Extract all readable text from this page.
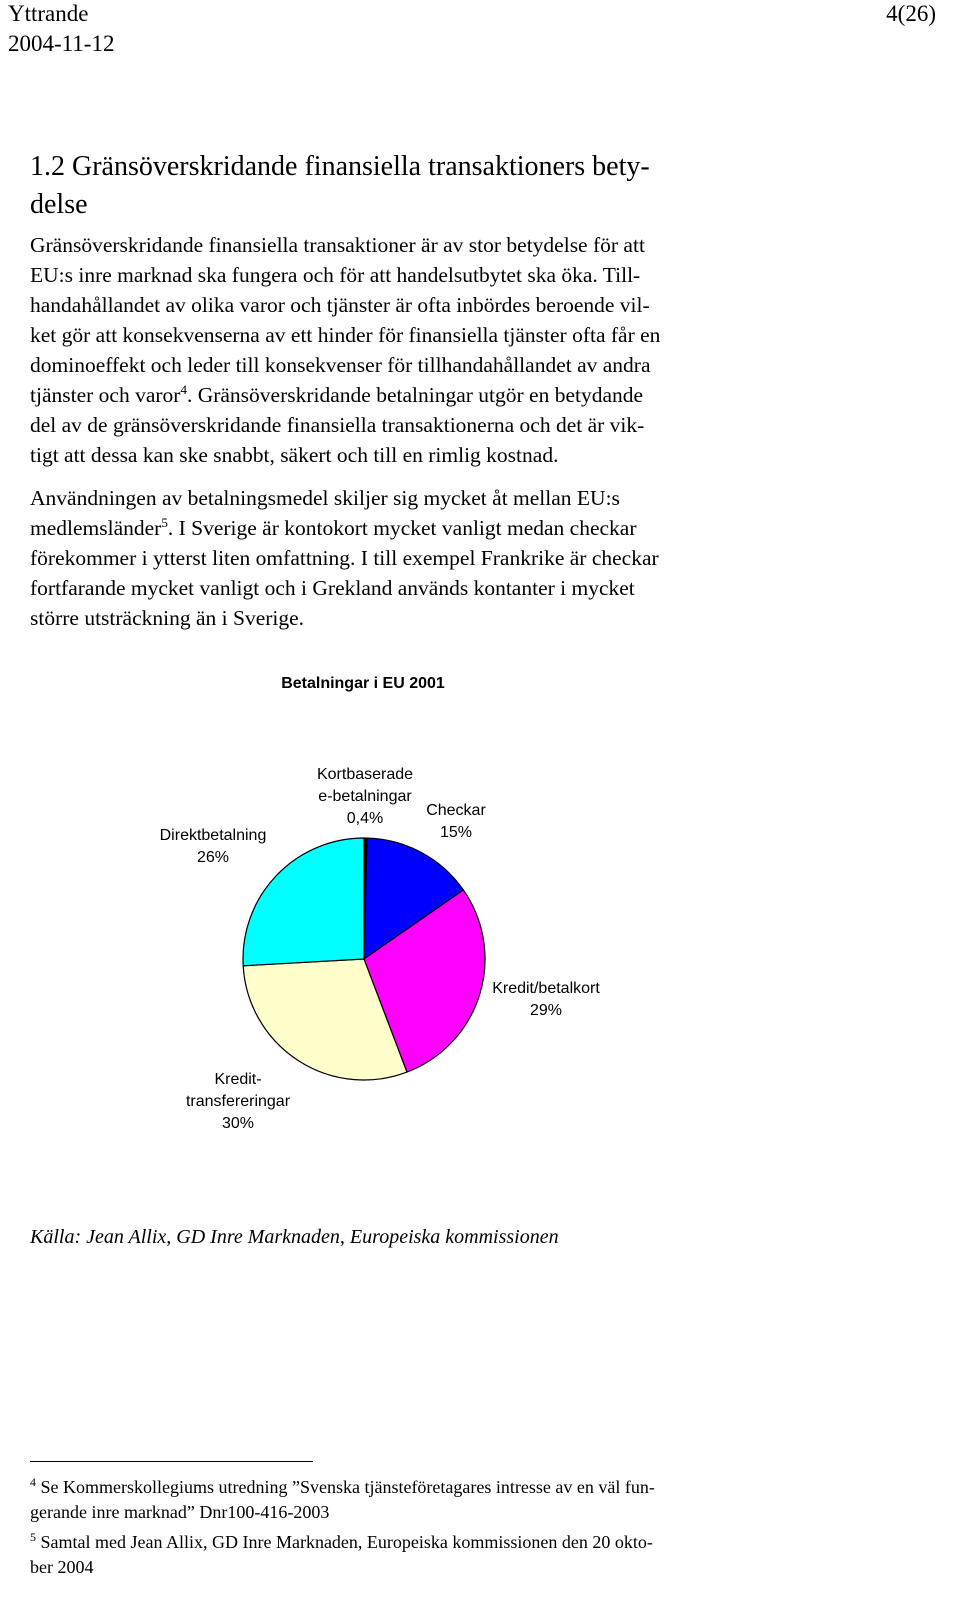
Yttrande
2004-11-12
4(26)
1.2 Gränsöverskridande finansiella transaktioners bety-
delse
Gränsöverskridande finansiella transaktioner är av stor betydelse för att
EU:s inre marknad ska fungera och för att handelsutbytet ska öka. Till-
handahållandet av olika varor och tjänster är ofta inbördes beroende vil-
ket gör att konsekvenserna av ett hinder för finansiella tjänster ofta får en
dominoeffekt och leder till konsekvenser för tillhandahållandet av andra
tjänster och varor$^4$. Gränsöverskridande betalningar utgör en betydande
del av de gränsöverskridande finansiella transaktionerna och det är vik-
tigt att dessa kan ske snabbt, säkert och till en rimlig kostnad.
Användningen av betalningsmedel skiljer sig mycket åt mellan EU:s
medlemsländer$^5$. I Sverige är kontokort mycket vanligt medan checkar
förekommer i ytterst liten omfattning. I till exempel Frankrike är checkar
fortfarande mycket vanligt och i Grekland används kontanter i mycket
större utsträckning än i Sverige.
Betalningar i EU 2001
Kortbaserade e-betalningar 0,4%	Checkar 15%
Kredit/betalkort 29%
Kredit-transfereringar 30%
Direktbetalning 26%
Källa: Jean Allix, GD Inre Marknaden, Europeiska kommissionen

$^4$ Se Kommerskollegiums utredning ”Svenska tjänsteföretagares intresse av en väl fun-

gerande inre marknad” Dnr100-416-2003

$^5$ Samtal med Jean Allix, GD Inre Marknaden, Europeiska kommissionen den 20 okto-

ber 2004
